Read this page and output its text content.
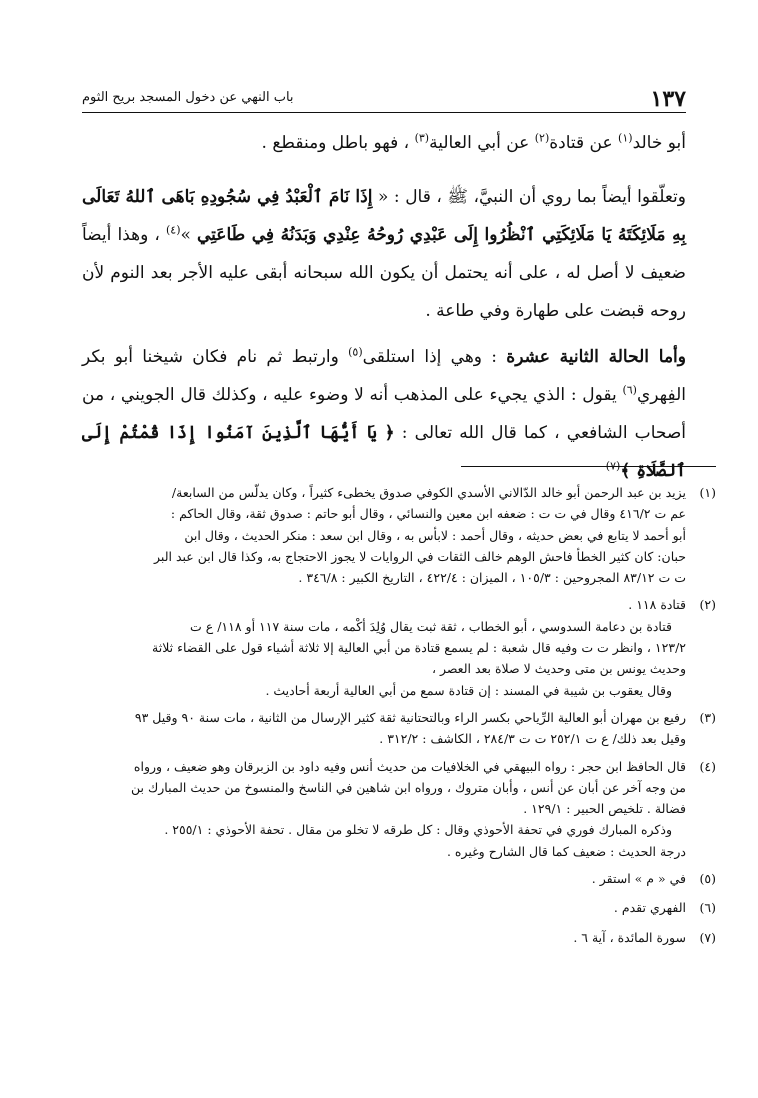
١٣٧
باب النهي عن دخول المسجد بريح الثوم

أبو خالد$^{(١)}$ عن قتادة$^{(٢)}$ عن أبي العالية$^{(٣)}$ ، فهو باطل ومنقطع .

وتعلّقوا أيضاً بما روي أن النبيَّ، ﷺ ، قال : « إِذَا نَامَ ٱلْعَبْدُ فِي سُجُودِهِ بَاهَى ٱللهُ تَعَالَى بِهِ مَلَائِكَتَهُ يَا مَلَائِكَتِي ٱنْظُرُوا إِلَى عَبْدِي رُوحُهُ عِنْدِي وَبَدَنُهُ فِي طَاعَتِي »$^{(٤)}$ ، وهذا أيضاً ضعيف لا أصل له ، على أنه يحتمل أن يكون الله سبحانه أبقى عليه الأجر بعد النوم لأن روحه قبضت على طهارة وفي طاعة .

وأما الحالة الثانية عشرة : وهي إذا استلقى$^{(٥)}$ وارتبط ثم نام فكان شيخنا أبو بكر الفِهري$^{(٦)}$ يقول : الذي يجيء على المذهب أنه لا وضوء عليه ، وكذلك قال الجويني ، من أصحاب الشافعي ، كما قال الله تعالى : ﴿ يَا أَيُّهَا ٱلَّذِينَ آمَنُوا إِذَا قُمْتُمْ إِلَى ٱلصَّلَاةِ ﴾$^{(٧)}$

(١)
يزيد بن عبد الرحمن أبو خالد الدّالاني الأسدي الكوفي صدوق يخطىء كثيراً ، وكان يدلّس من السابعة/
عم ت ٤١٦/٢ وقال في ت ت : ضعفه ابن معين والنسائي ، وقال أبو حاتم : صدوق ثقة، وقال الحاكم :
أبو أحمد لا يتابع في بعض حديثه ، وقال أحمد : لابأس به ، وقال ابن سعد : منكر الحديث ، وقال ابن
حبان: كان كثير الخطأ فاحش الوهم خالف الثقات في الروايات لا يجوز الاحتجاج به، وكذا قال ابن عبد البر
ت ت ٨٣/١٢ المجروحين : ١٠٥/٣ ، الميزان : ٤٢٢/٤ ، التاريخ الكبير : ٣٤٦/٨ .
(٢)
قتادة ١١٨ .
قتادة بن دعامة السدوسي ، أبو الخطاب ، ثقة ثبت يقال وُلِدَ أكْمه ، مات سنة ١١٧ أو ١١٨/ ع ت
١٢٣/٢ ، وانظر ت ت وفيه قال شعبة : لم يسمع قتادة من أبي العالية إلا ثلاثة أشياء قول على القضاء ثلاثة
وحديث يونس بن متى وحديث لا صلاة بعد العصر ،
وقال يعقوب بن شيبة في المسند : إن قتادة سمع من أبي العالية أربعة أحاديث .
(٣)
رفيع بن مهران أبو العالية الرِّياحي بكسر الراء وبالتحتانية ثقة كثير الإرسال من الثانية ، مات سنة ٩٠ وقيل ٩٣
وقيل بعد ذلك/ ع ت ٢٥٢/١ ت ت ٢٨٤/٣ ، الكاشف : ٣١٢/٢ .
(٤)
قال الحافظ ابن حجر : رواه البيهقي في الخلافيات من حديث أنس وفيه داود بن الزبرقان وهو ضعيف ، ورواه
من وجه آخر عن أبان عن أنس ، وأبان متروك ، ورواه ابن شاهين في الناسخ والمنسوخ من حديث المبارك بن
فضالة . تلخيص الحبير : ١٢٩/١ .
وذكره المبارك فوري في تحفة الأحوذي وقال : كل طرقه لا تخلو من مقال . تحفة الأحوذي : ٢٥٥/١ .
درجة الحديث : ضعيف كما قال الشارح وغيره .
(٥)
في « م » استقر .
(٦)
الفهري تقدم .
(٧)
سورة المائدة ، آية ٦ .
